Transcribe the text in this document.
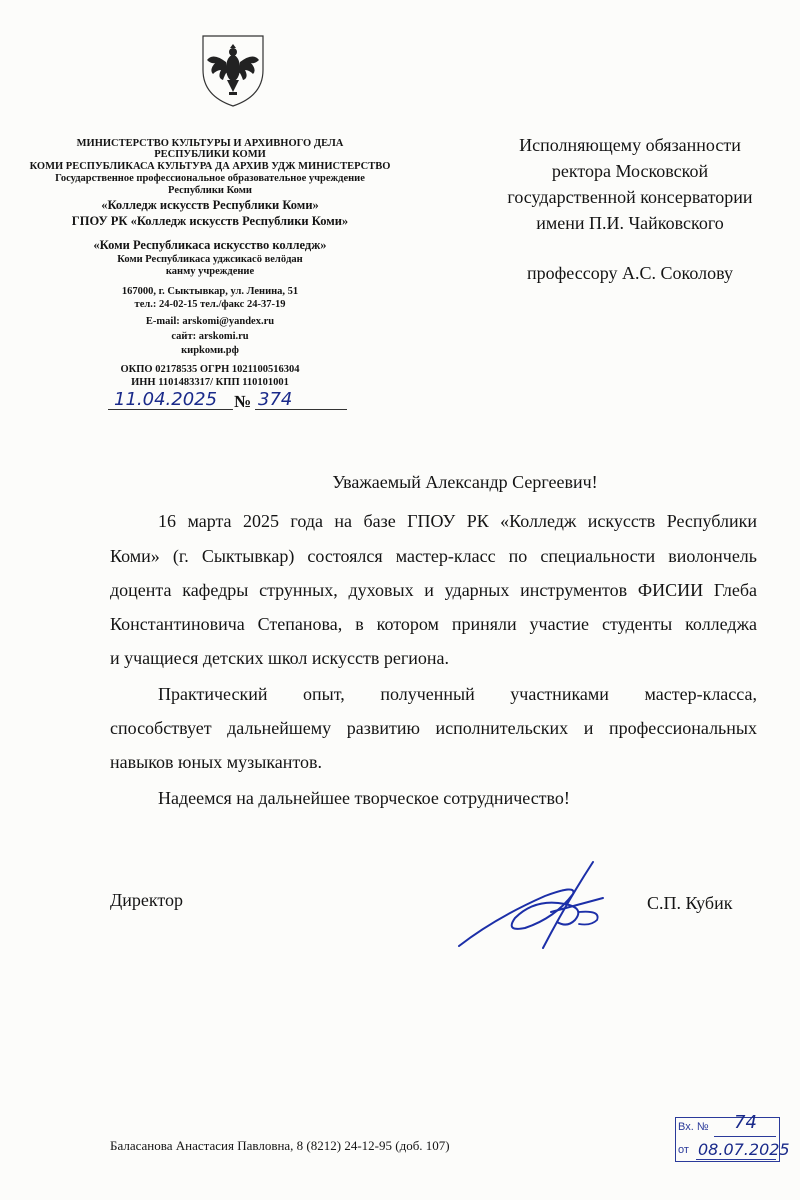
МИНИСТЕРСТВО КУЛЬТУРЫ И АРХИВНОГО ДЕЛА
РЕСПУБЛИКИ КОМИ
КОМИ РЕСПУБЛИКАСА КУЛЬТУРА ДА АРХИВ УДЖ МИНИСТЕРСТВО
Государственное профессиональное образовательное учреждение
Республики Коми
«Колледж искусств Республики Коми»
ГПОУ РК «Колледж искусств Республики Коми»
«Коми Республикаса искусство колледж»
Коми Республикаса уджсикасӧ велӧдан
канму учреждение
167000, г. Сыктывкар, ул. Ленина, 51
тел.: 24-02-15 тел./факс 24-37-19
E-mail: arskomi@yandex.ru
сайт: arskomi.ru
кирkоми.рф
ОКПО 02178535 ОГРН 1021100516304
ИНН 1101483317/ КПП 110101001
11.04.2025 № 374
Исполняющему обязанности
ректора Московской
государственной консерватории
имени П.И. Чайковского
профессору А.С. Соколову
Уважаемый Александр Сергеевич!
16 марта 2025 года на базе ГПОУ РК «Колледж искусств Республики
Коми» (г. Сыктывкар) состоялся мастер-класс по специальности виолончель
доцента кафедры струнных, духовых и ударных инструментов ФИСИИ Глеба
Константиновича Степанова, в котором приняли участие студенты колледжа
и учащиеся детских школ искусств региона.
Практический опыт, полученный участниками мастер-класса,
способствует дальнейшему развитию исполнительских и профессиональных
навыков юных музыкантов.
Надеемся на дальнейшее творческое сотрудничество!
Директор	С.П. Кубик
Баласанова Анастасия Павловна, 8 (8212) 24-12-95 (доб. 107)
Вх. № 74
от 08.07.2025
